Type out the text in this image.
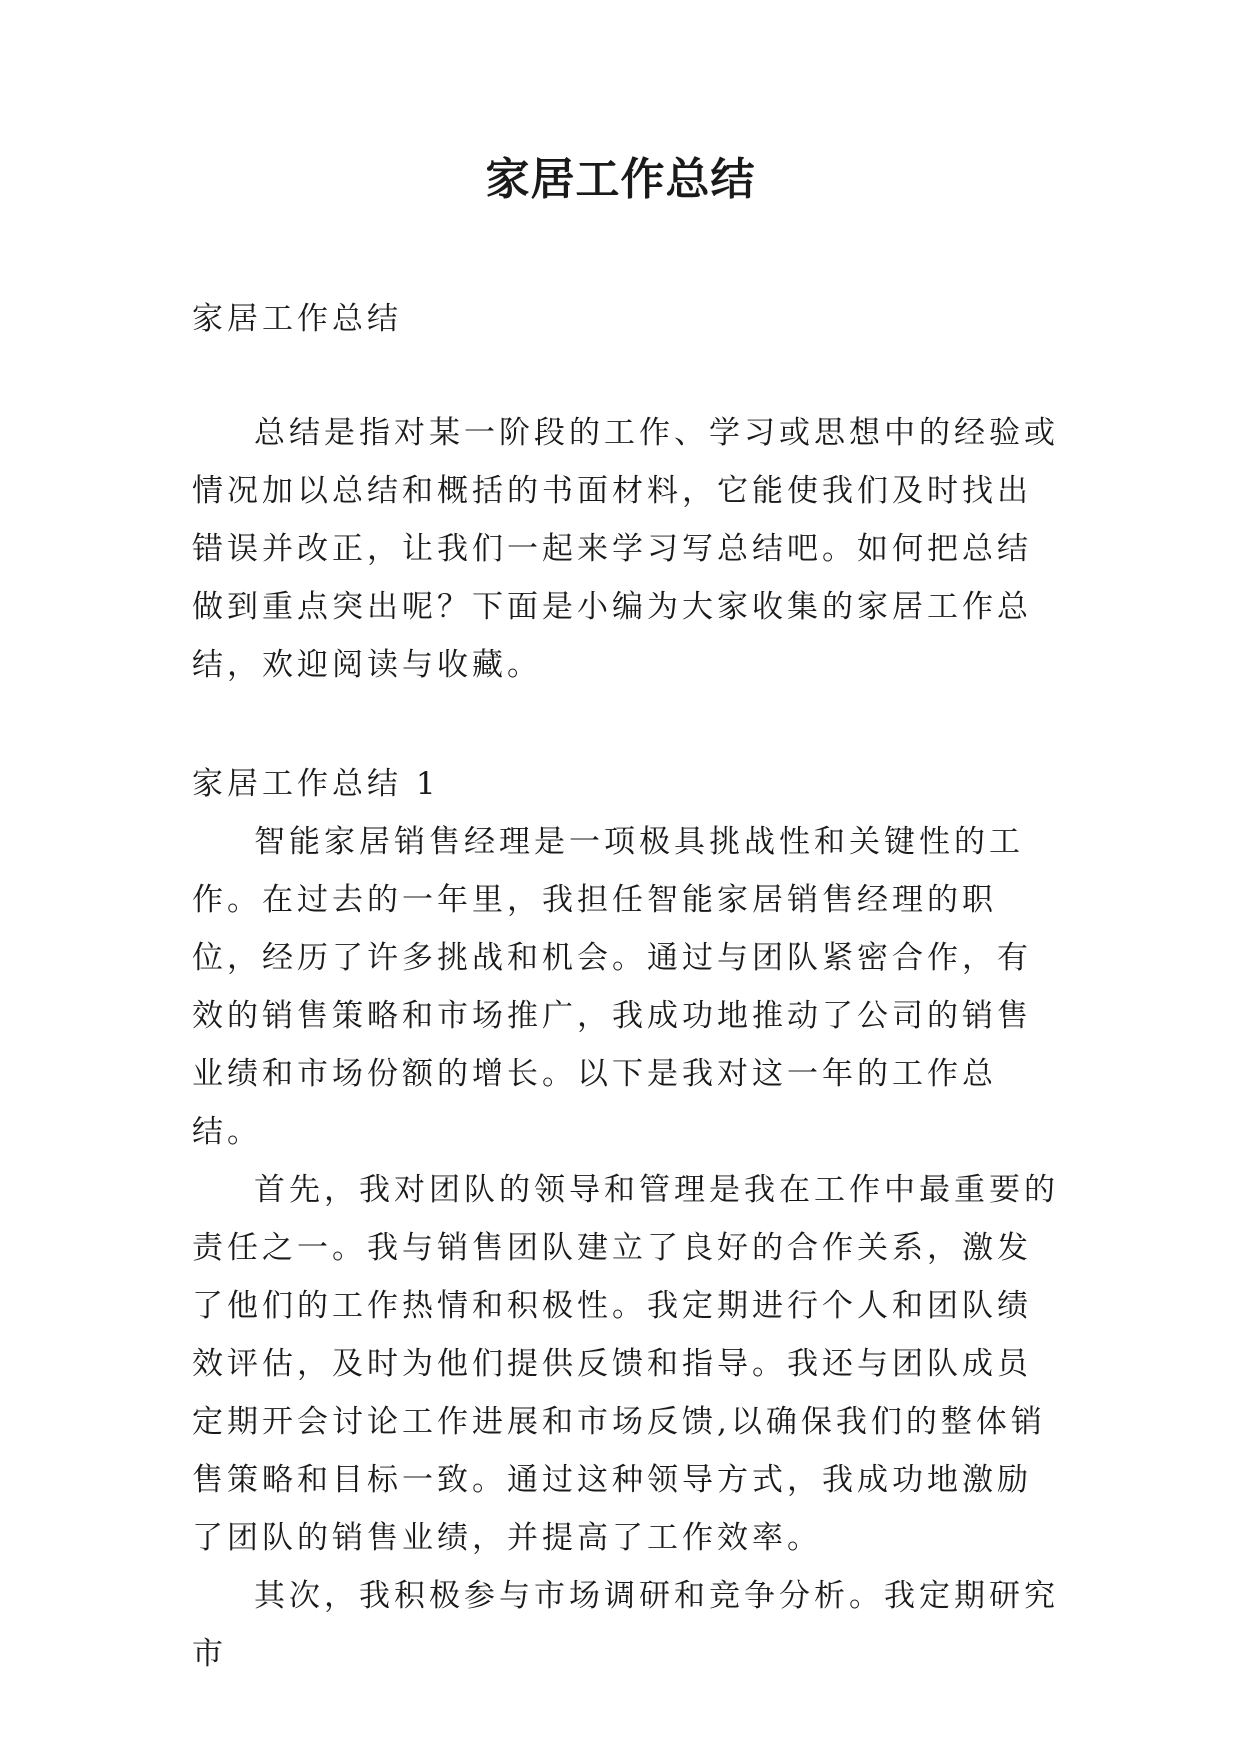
家居工作总结
家居工作总结

总结是指对某一阶段的工作、学习或思想中的经验或情况加以总结和概括的书面材料，它能使我们及时找出错误并改正，让我们一起来学习写总结吧。如何把总结做到重点突出呢？下面是小编为大家收集的家居工作总结，欢迎阅读与收藏。

家居工作总结 1

智能家居销售经理是一项极具挑战性和关键性的工作。在过去的一年里，我担任智能家居销售经理的职位，经历了许多挑战和机会。通过与团队紧密合作，有效的销售策略和市场推广，我成功地推动了公司的销售业绩和市场份额的增长。以下是我对这一年的工作总结。

首先，我对团队的领导和管理是我在工作中最重要的责任之一。我与销售团队建立了良好的合作关系，激发了他们的工作热情和积极性。我定期进行个人和团队绩效评估，及时为他们提供反馈和指导。我还与团队成员定期开会讨论工作进展和市场反馈,以确保我们的整体销售策略和目标一致。通过这种领导方式，我成功地激励了团队的销售业绩，并提高了工作效率。

其次，我积极参与市场调研和竞争分析。我定期研究市
